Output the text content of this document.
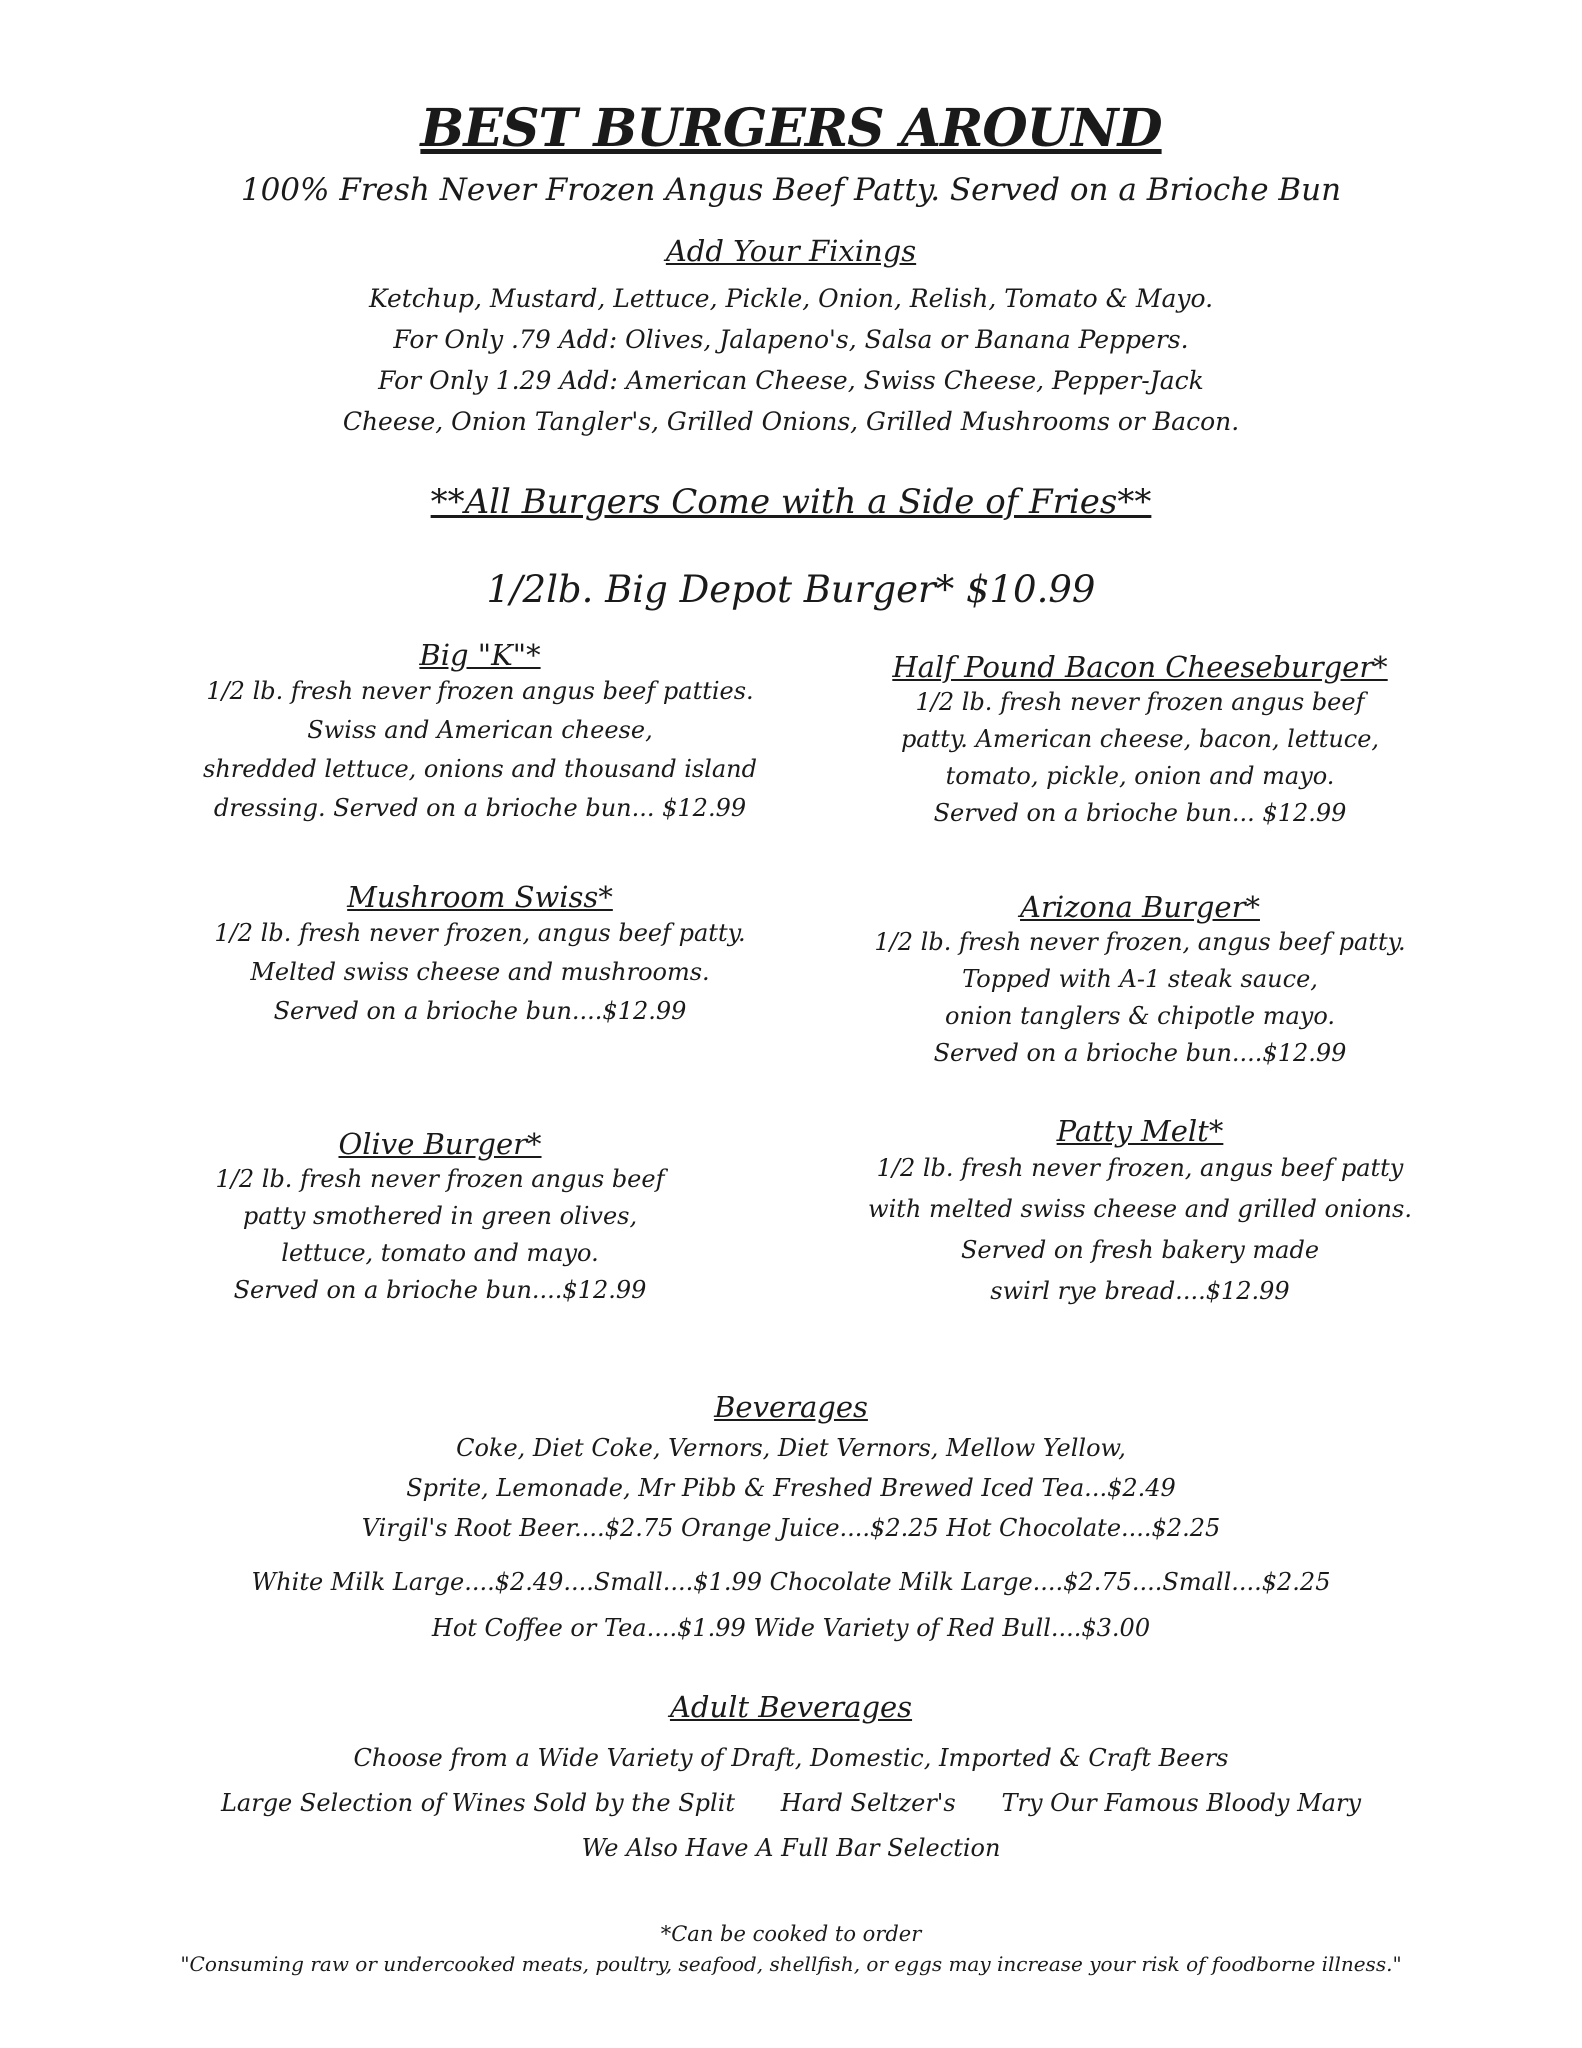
BEST BURGERS AROUND
100% Fresh Never Frozen Angus Beef Patty. Served on a Brioche Bun
Add Your Fixings
Ketchup, Mustard, Lettuce, Pickle, Onion, Relish, Tomato & Mayo.
For Only .79 Add: Olives, Jalapeno's, Salsa or Banana Peppers.
For Only 1.29 Add: American Cheese, Swiss Cheese, Pepper-Jack
Cheese, Onion Tangler's, Grilled Onions, Grilled Mushrooms or Bacon.
**All Burgers Come with a Side of Fries**
1/2lb. Big Depot Burger* $10.99
Big "K"*
1/2 lb. fresh never frozen angus beef patties.
Swiss and American cheese,
shredded lettuce, onions and thousand island
dressing. Served on a brioche bun... $12.99
Half Pound Bacon Cheeseburger*
1/2 lb. fresh never frozen angus beef
patty. American cheese, bacon, lettuce,
tomato, pickle, onion and mayo.
Served on a brioche bun... $12.99
Mushroom Swiss*
1/2 lb. fresh never frozen, angus beef patty.
Melted swiss cheese and mushrooms.
Served on a brioche bun....$12.99
Arizona Burger*
1/2 lb. fresh never frozen, angus beef patty.
Topped with A-1 steak sauce,
onion tanglers & chipotle mayo.
Served on a brioche bun....$12.99
Olive Burger*
1/2 lb. fresh never frozen angus beef
patty smothered in green olives,
lettuce, tomato and mayo.
Served on a brioche bun....$12.99
Patty Melt*
1/2 lb. fresh never frozen, angus beef patty
with melted swiss cheese and grilled onions.
Served on fresh bakery made
swirl rye bread....$12.99
Beverages
Coke, Diet Coke, Vernors, Diet Vernors, Mellow Yellow,
Sprite, Lemonade, Mr Pibb & Freshed Brewed Iced Tea...$2.49
Virgil's Root Beer....$2.75 Orange Juice....$2.25 Hot Chocolate....$2.25
White Milk Large....$2.49....Small....$1.99 Chocolate Milk Large....$2.75....Small....$2.25
Hot Coffee or Tea....$1.99 Wide Variety of Red Bull....$3.00
Adult Beverages
Choose from a Wide Variety of Draft, Domestic, Imported & Craft Beers
Large Selection of Wines Sold by the Split      Hard Seltzer's      Try Our Famous Bloody Mary
We Also Have A Full Bar Selection
*Can be cooked to order
"Consuming raw or undercooked meats, poultry, seafood, shellfish, or eggs may increase your risk of foodborne illness."
